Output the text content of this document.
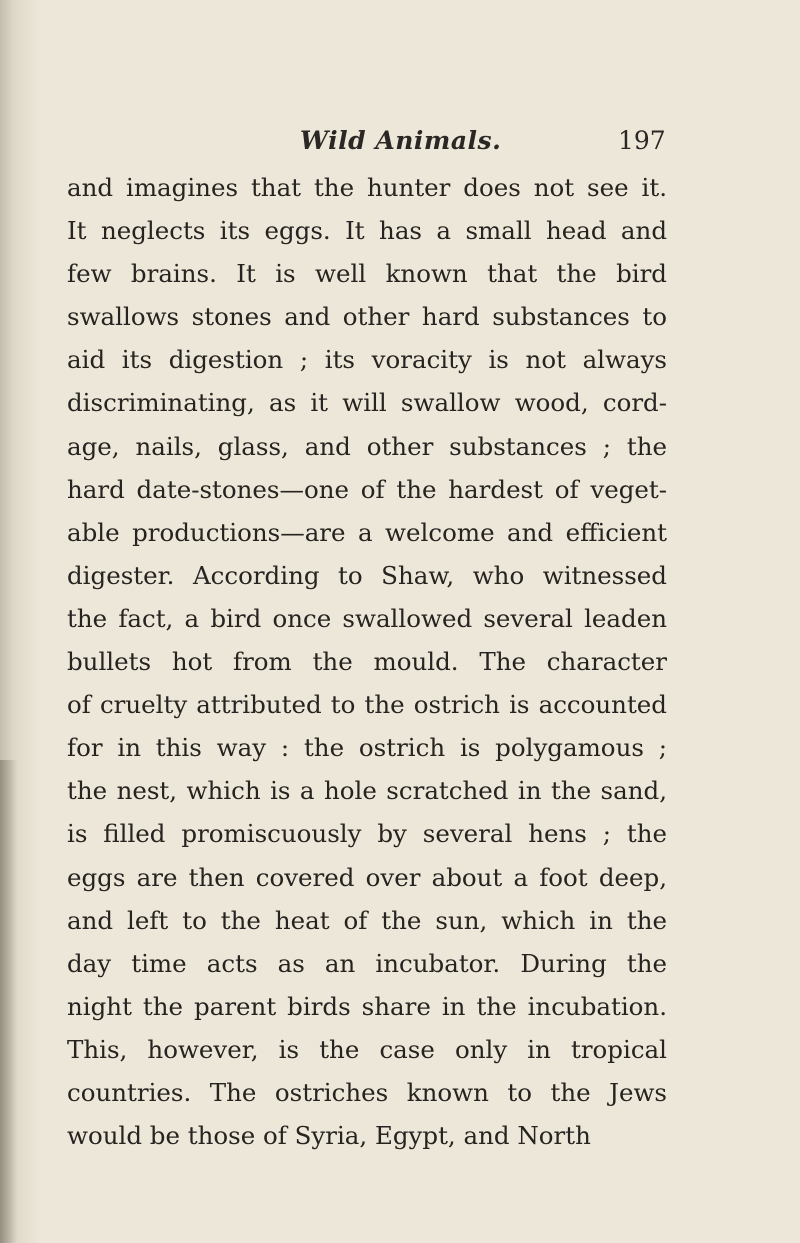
Wild Animals.	197
and imagines that the hunter does not see it.
It neglects its eggs. It has a small head and
few brains. It is well known that the bird
swallows stones and other hard substances to
aid its digestion ; its voracity is not always
discriminating, as it will swallow wood, cord-
age, nails, glass, and other substances ; the
hard date-stones—one of the hardest of veget-
able productions—are a welcome and efficient
digester. According to Shaw, who witnessed
the fact, a bird once swallowed several leaden
bullets hot from the mould. The character
of cruelty attributed to the ostrich is accounted
for in this way : the ostrich is polygamous ;
the nest, which is a hole scratched in the sand,
is filled promiscuously by several hens ; the
eggs are then covered over about a foot deep,
and left to the heat of the sun, which in the
day time acts as an incubator. During the
night the parent birds share in the incubation.
This, however, is the case only in tropical
countries. The ostriches known to the Jews
would be those of Syria, Egypt, and North
